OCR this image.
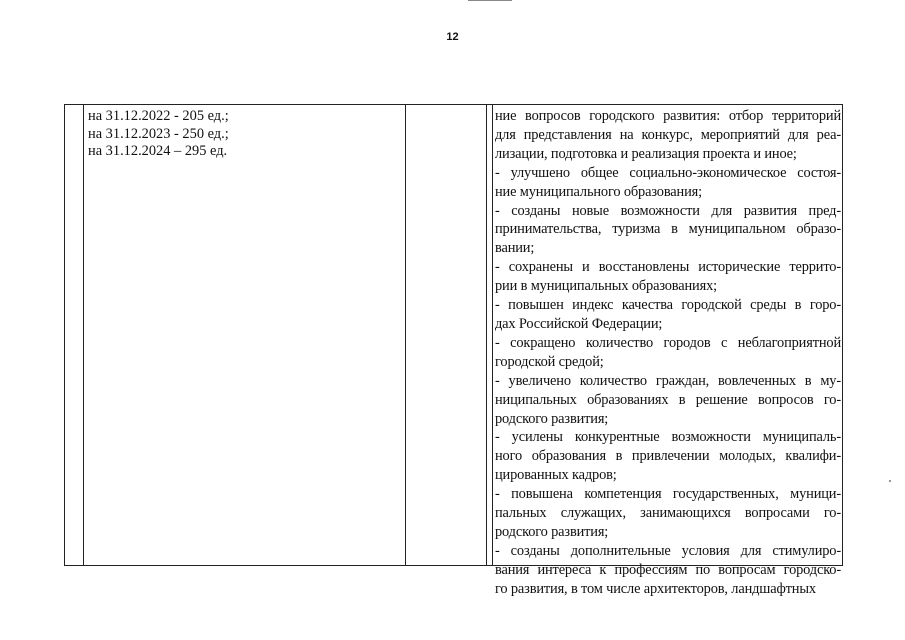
12
на 31.12.2022 - 205 ед.;
на 31.12.2023 - 250 ед.;
на 31.12.2024 – 295 ед.
ние вопросов городского развития: отбор территорий
для представления на конкурс, мероприятий для реа-
лизации, подготовка и реализация проекта и иное;
- улучшено общее социально-экономическое состоя-
ние муниципального образования;
- созданы новые возможности для развития пред-
принимательства, туризма в муниципальном образо-
вании;
- сохранены и восстановлены исторические террито-
рии в муниципальных образованиях;
- повышен индекс качества городской среды в горо-
дах Российской Федерации;
- сокращено количество городов с неблагоприятной
городской средой;
- увеличено количество граждан, вовлеченных в му-
ниципальных образованиях в решение вопросов го-
родского развития;
- усилены конкурентные возможности муниципаль-
ного образования в привлечении молодых, квалифи-
цированных кадров;
- повышена компетенция государственных, муници-
пальных служащих, занимающихся вопросами го-
родского развития;
- созданы дополнительные условия для стимулиро-
вания интереса к профессиям по вопросам городско-
го развития, в том числе архитекторов, ландшафтных
